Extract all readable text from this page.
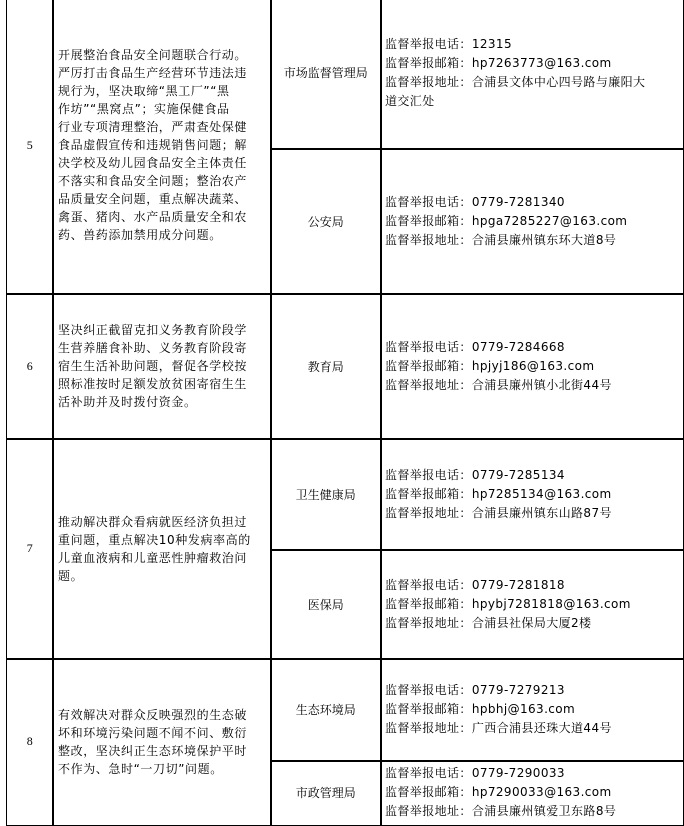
5
开展整治食品安全问题联合行动。
严厉打击食品生产经营环节违法违
规行为，坚决取缔“黑工厂”“黑
作坊”“黑窝点”；实施保健食品
行业专项清理整治，严肃查处保健
食品虚假宣传和违规销售问题；解
决学校及幼儿园食品安全主体责任
不落实和食品安全问题；整治农产
品质量安全问题，重点解决蔬菜、
禽蛋、猪肉、水产品质量安全和农
药、兽药添加禁用成分问题。
市场监督管理局
监督举报电话：12315
监督举报邮箱：hp7263773@163.com
监督举报地址：合浦县文体中心四号路与廉阳大
道交汇处
公安局
监督举报电话：0779-7281340
监督举报邮箱：hpga7285227@163.com
监督举报地址：合浦县廉州镇东环大道8号
6
坚决纠正截留克扣义务教育阶段学
生营养膳食补助、义务教育阶段寄
宿生生活补助问题，督促各学校按
照标准按时足额发放贫困寄宿生生
活补助并及时拨付资金。
教育局
监督举报电话：0779-7284668
监督举报邮箱：hpjyj186@163.com
监督举报地址：合浦县廉州镇小北街44号
7
推动解决群众看病就医经济负担过
重问题，重点解决10种发病率高的
儿童血液病和儿童恶性肿瘤救治问
题。
卫生健康局
监督举报电话：0779-7285134
监督举报邮箱：hp7285134@163.com
监督举报地址：合浦县廉州镇东山路87号
医保局
监督举报电话：0779-7281818
监督举报邮箱：hpybj7281818@163.com
监督举报地址：合浦县社保局大厦2楼
8
有效解决对群众反映强烈的生态破
坏和环境污染问题不闻不问、敷衍
整改，坚决纠正生态环境保护平时
不作为、急时“一刀切”问题。
生态环境局
监督举报电话：0779-7279213
监督举报邮箱：hpbhj@163.com
监督举报地址：广西合浦县还珠大道44号
市政管理局
监督举报电话：0779-7290033
监督举报邮箱：hp7290033@163.com
监督举报地址：合浦县廉州镇爱卫东路8号
